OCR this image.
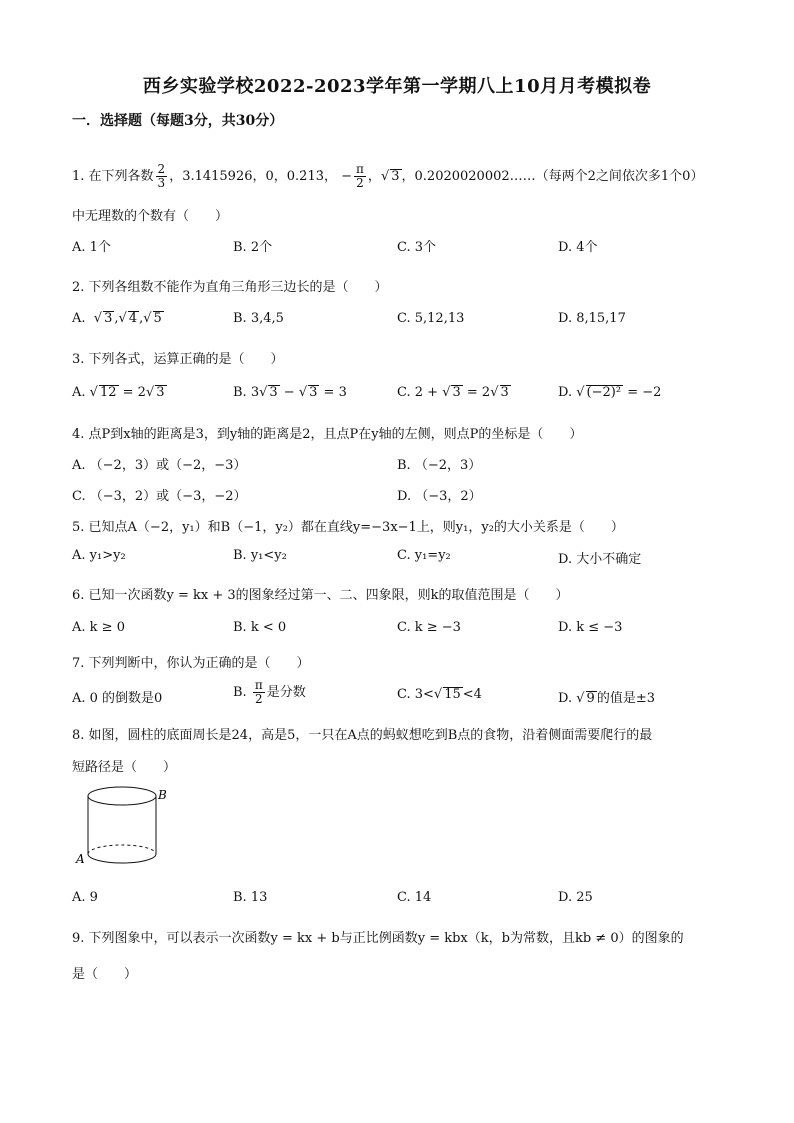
西乡实验学校2022-2023学年第一学期八上10月月考模拟卷
一．选择题（每题3分，共30分）
1. 在下列各数 $\frac{2}{3}$ ，3.1415926，0，0.2̇13̇， − $\frac{\pi}{2}$ ，√ 3 ，0.2020020002……（每两个2之间依次多1个0）
中无理数的个数有（　　）
A. 1个	B. 2个	C. 3个	D. 4个
2. 下列各组数不能作为直角三角形三边长的是（　　）
A. √ 3 ,√ 4 ,√ 5	B. 3,4,5	C. 5,12,13	D. 8,15,17
3. 下列各式，运算正确的是（　　）
A. √ 12 = 2√ 3	B. 3√ 3 − √ 3 = 3	C. 2 + √ 3 = 2√ 3	D. √ (−2)² = −2
4. 点P到x轴的距离是3，到y轴的距离是2，且点P在y轴的左侧，则点P的坐标是（　　）
A. （−2，3）或（−2，−3）	B. （−2，3）
C. （−3，2）或（−3，−2）	D. （−3，2）
5. 已知点A（−2，y₁）和B（−1，y₂）都在直线y=−3x−1上，则y₁，y₂的大小关系是（　　）
A. y₁>y₂	B. y₁<y₂	C. y₁=y₂	D. 大小不确定
6. 已知一次函数y = kx + 3的图象经过第一、二、四象限，则k的取值范围是（　　）
A. k ≥ 0	B. k < 0	C. k ≥ −3	D. k ≤ −3
7. 下列判断中，你认为正确的是（　　）
A. 0 的倒数是0	B. $\frac{\pi}{2}$ 是分数	C. 3<√ 15 <4	D. √ 9 的值是±3
8. 如图，圆柱的底面周长是24，高是5，一只在A点的蚂蚁想吃到B点的食物，沿着侧面需要爬行的最
短路径是（　　）
B
A
A. 9	B. 13	C. 14	D. 25
9. 下列图象中，可以表示一次函数y = kx + b与正比例函数y = kbx（k，b为常数，且kb ≠ 0）的图象的
是（　　）
